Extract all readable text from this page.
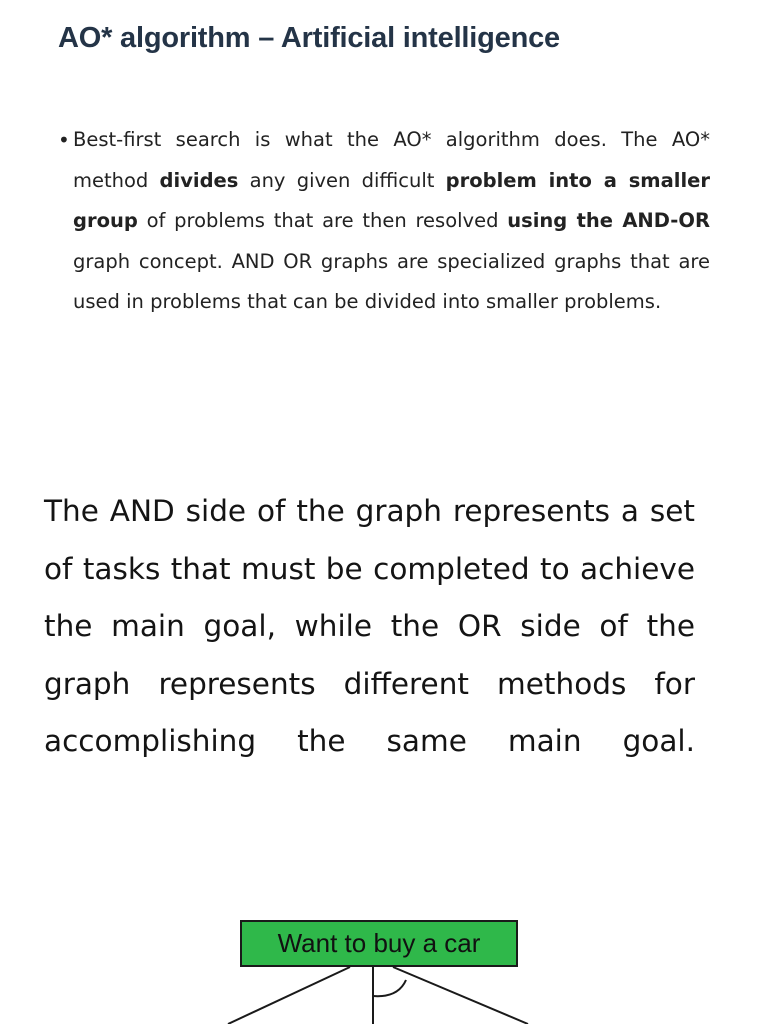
AO* algorithm – Artificial intelligence
• Best-first search is what the AO* algorithm does. The AO* method divides any given difficult problem into a smaller group of problems that are then resolved using the AND-OR graph concept. AND OR graphs are specialized graphs that are used in problems that can be divided into smaller problems.

The AND side of the graph represents a set of tasks that must be completed to achieve the main goal, while the OR side of the graph represents different methods for accomplishing the same main goal.

Want to buy a car
